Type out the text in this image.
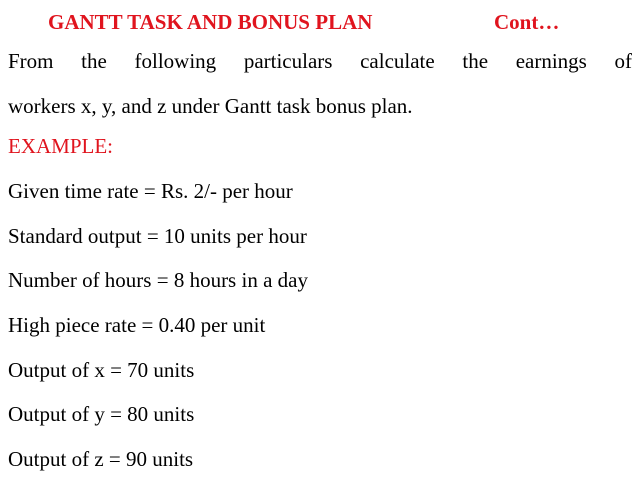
GANTT TASK AND BONUS PLAN	Cont…
From the following particulars calculate the earnings of
workers x, y, and z under Gantt task bonus plan.
EXAMPLE:
Given time rate = Rs. 2/- per hour
Standard output = 10 units per hour
Number of hours = 8 hours in a day
High piece rate = 0.40 per unit
Output of x = 70 units
Output of y = 80 units
Output of z = 90 units
